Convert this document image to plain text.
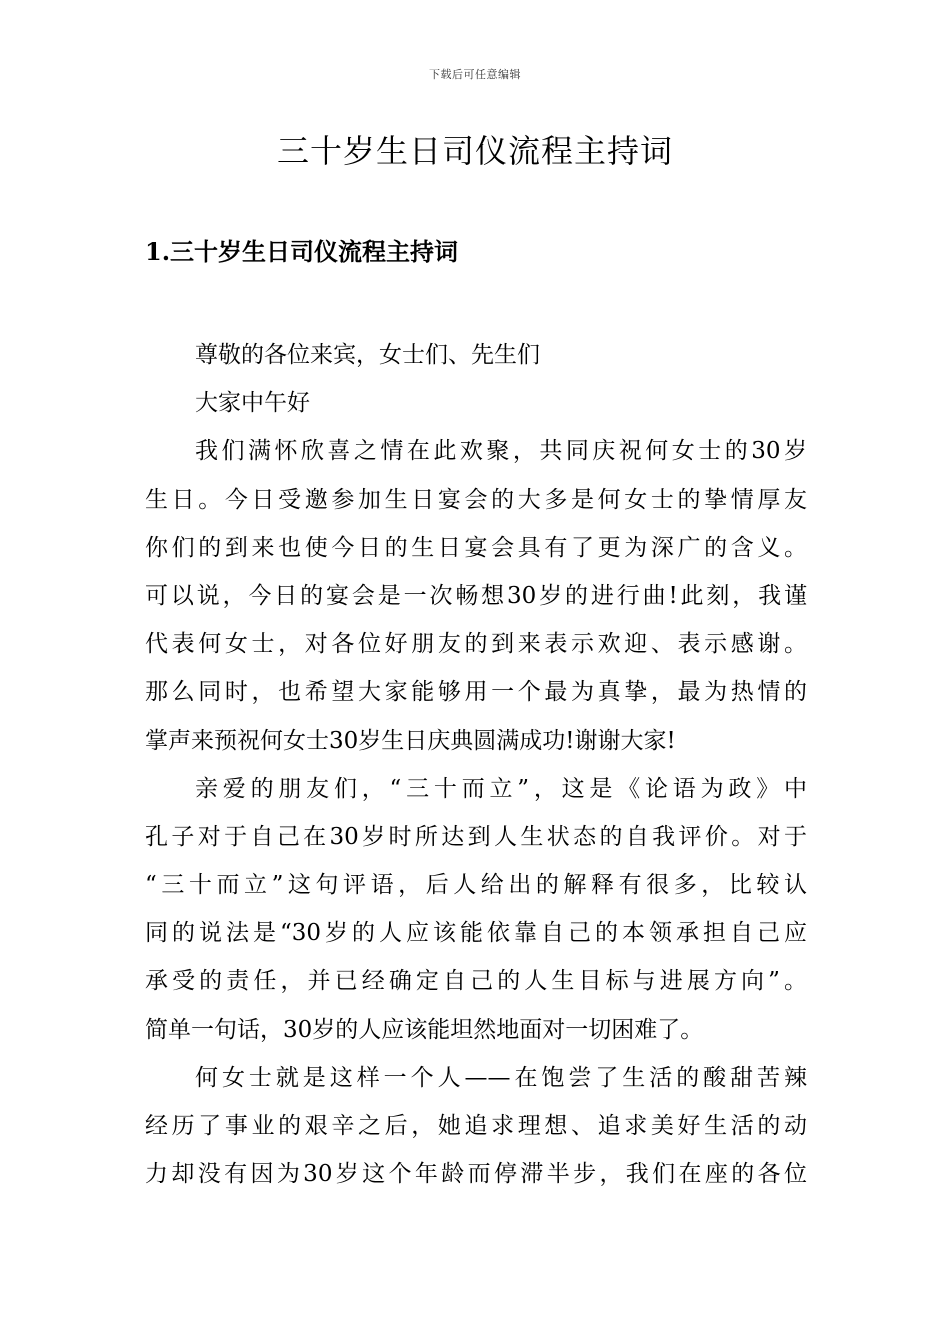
下载后可任意编辑
三十岁生日司仪流程主持词
1.三十岁生日司仪流程主持词
尊敬的各位来宾，女士们、先生们
大家中午好
我们满怀欣喜之情在此欢聚，共同庆祝何女士的30岁
生日。今日受邀参加生日宴会的大多是何女士的挚情厚友
你们的到来也使今日的生日宴会具有了更为深广的含义。
可以说，今日的宴会是一次畅想30岁的进行曲!此刻，我谨
代表何女士，对各位好朋友的到来表示欢迎、表示感谢。
那么同时，也希望大家能够用一个最为真挚，最为热情的
掌声来预祝何女士30岁生日庆典圆满成功!谢谢大家!
亲爱的朋友们，“三十而立”，这是《论语为政》中
孔子对于自己在30岁时所达到人生状态的自我评价。对于
“三十而立”这句评语，后人给出的解释有很多，比较认
同的说法是“30岁的人应该能依靠自己的本领承担自己应
承受的责任，并已经确定自己的人生目标与进展方向”。
简单一句话，30岁的人应该能坦然地面对一切困难了。
何女士就是这样一个人——在饱尝了生活的酸甜苦辣
经历了事业的艰辛之后，她追求理想、追求美好生活的动
力却没有因为30岁这个年龄而停滞半步，我们在座的各位
